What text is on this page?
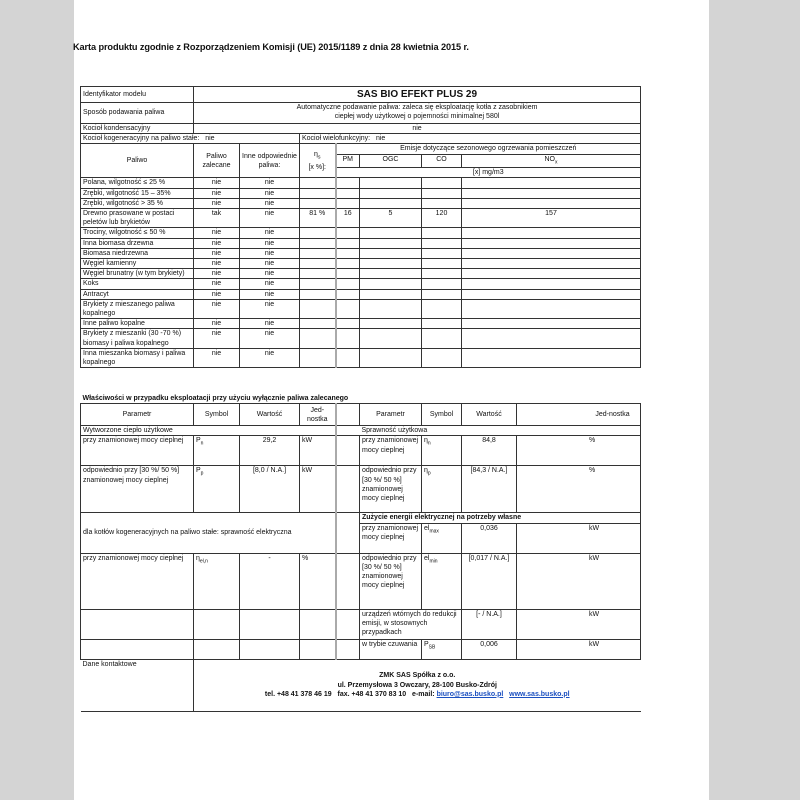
Karta produktu zgodnie z Rozporządzeniem Komisji (UE) 2015/1189 z dnia 28 kwietnia 2015 r.
Identyfikator modelu	SAS BIO EFEKT PLUS 29						
Sposób podawania paliwa	Automatyczne podawanie paliwa: zaleca się eksploatację kotła z zasobnikiem
ciepłej wody użytkowej o pojemności minimalnej 580l						

Kocioł kondensacyjny	nie						
Kocioł kogeneracyjny na paliwo stałe: nie			Kocioł wielofunkcyjny: nie				
Paliwo	Paliwo zalecane	Inne odpowiednie paliwa:	$\eta_s$
[x %]:	Emisje dotyczące sezonowego ogrzewania pomieszczeń			
				PM	OGC	CO	$NO_x$
				[x] mg/m3			
Polana, wilgotność ≤ 25 %	nie	nie					
Zrębki, wilgotność 15 – 35%	nie	nie					
Zrębki, wilgotność > 35 %	nie	nie					
Drewno prasowane w postaci peletów lub brykietów	tak	nie	81 %	16	5	120	157
Trociny, wilgotność ≤ 50 %	nie	nie					
Inna biomasa drzewna	nie	nie					
Biomasa niedrzewna	nie	nie					
Węgiel kamienny	nie	nie					
Węgiel brunatny (w tym brykiety)	nie	nie					
Koks	nie	nie					
Antracyt	nie	nie					
Brykiety z mieszanego paliwa kopalnego	nie	nie					
Inne paliwo kopalne	nie	nie					
Brykiety z mieszanki (30 -70 %) biomasy i paliwa kopalnego	nie	nie					
Inna mieszanka biomasy i paliwa kopalnego	nie	nie					
Właściwości w przypadku eksploatacji przy użyciu wyłącznie paliwa zalecanego								
Parametr	Symbol	Wartość	Jed-nostka		Parametr	Symbol	Wartość	Jed-nostka
Wytworzone ciepło użytkowe					Sprawność użytkowa			
przy znamionowej mocy cieplnej	$P_n$	29,2	kW		przy znamionowej mocy cieplnej	$\eta_n$	84,8	%
odpowiednio przy [30 %/ 50 %] znamionowej mocy cieplnej	$P_p$	[8,0 / N.A.]	kW		odpowiednio przy [30 %/ 50 %] znamionowej mocy cieplnej	$\eta_p$	[84,3 / N.A.]	%
dla kotłów kogeneracyjnych na paliwo stałe: sprawność elektryczna					Zużycie energii elektrycznej na potrzeby własne			
					przy znamionowej mocy cieplnej	$el_{max}$	0,036	kW
przy znamionowej mocy cieplnej	$\eta_{el,n}$	-	%		odpowiednio przy [30 %/ 50 %] znamionowej mocy cieplnej	$el_{min}$	[0,017 / N.A.]	kW
					urządzeń wtórnych do redukcji emisji, w stosownych przypadkach		[- / N.A.]	kW
					w trybie czuwania	$P_{SB}$	0,006	kW
Dane kontaktowe	ZMK SAS Spółka z o.o.
ul. Przemysłowa 3 Owczary, 28-100 Busko-Zdrój
tel. +48 41 378 46 19 fax. +48 41 370 83 10 e-mail: biuro@sas.busko.pl www.sas.busko.pl							
